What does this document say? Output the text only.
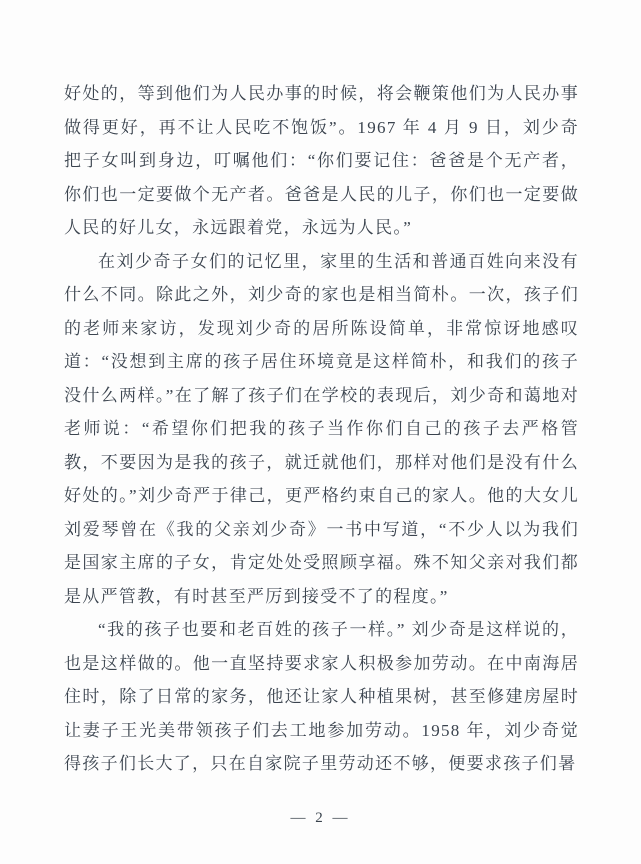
好处的，等到他们为人民办事的时候，将会鞭策他们为人民办事做得更好，再不让人民吃不饱饭”。1967 年 4 月 9 日，刘少奇把子女叫到身边，叮嘱他们：“你们要记住：爸爸是个无产者，你们也一定要做个无产者。爸爸是人民的儿子，你们也一定要做人民的好儿女，永远跟着党，永远为人民。”

在刘少奇子女们的记忆里，家里的生活和普通百姓向来没有什么不同。除此之外，刘少奇的家也是相当简朴。一次，孩子们的老师来家访，发现刘少奇的居所陈设简单，非常惊讶地感叹道：“没想到主席的孩子居住环境竟是这样简朴，和我们的孩子没什么两样。”在了解了孩子们在学校的表现后，刘少奇和蔼地对老师说：“希望你们把我的孩子当作你们自己的孩子去严格管教，不要因为是我的孩子，就迁就他们，那样对他们是没有什么好处的。”刘少奇严于律己，更严格约束自己的家人。他的大女儿刘爱琴曾在《我的父亲刘少奇》一书中写道，“不少人以为我们是国家主席的子女，肯定处处受照顾享福。殊不知父亲对我们都是从严管教，有时甚至严厉到接受不了的程度。”

“我的孩子也要和老百姓的孩子一样。” 刘少奇是这样说的，也是这样做的。他一直坚持要求家人积极参加劳动。在中南海居住时，除了日常的家务，他还让家人种植果树，甚至修建房屋时让妻子王光美带领孩子们去工地参加劳动。1958 年，刘少奇觉得孩子们长大了，只在自家院子里劳动还不够，便要求孩子们暑

— 2 —
